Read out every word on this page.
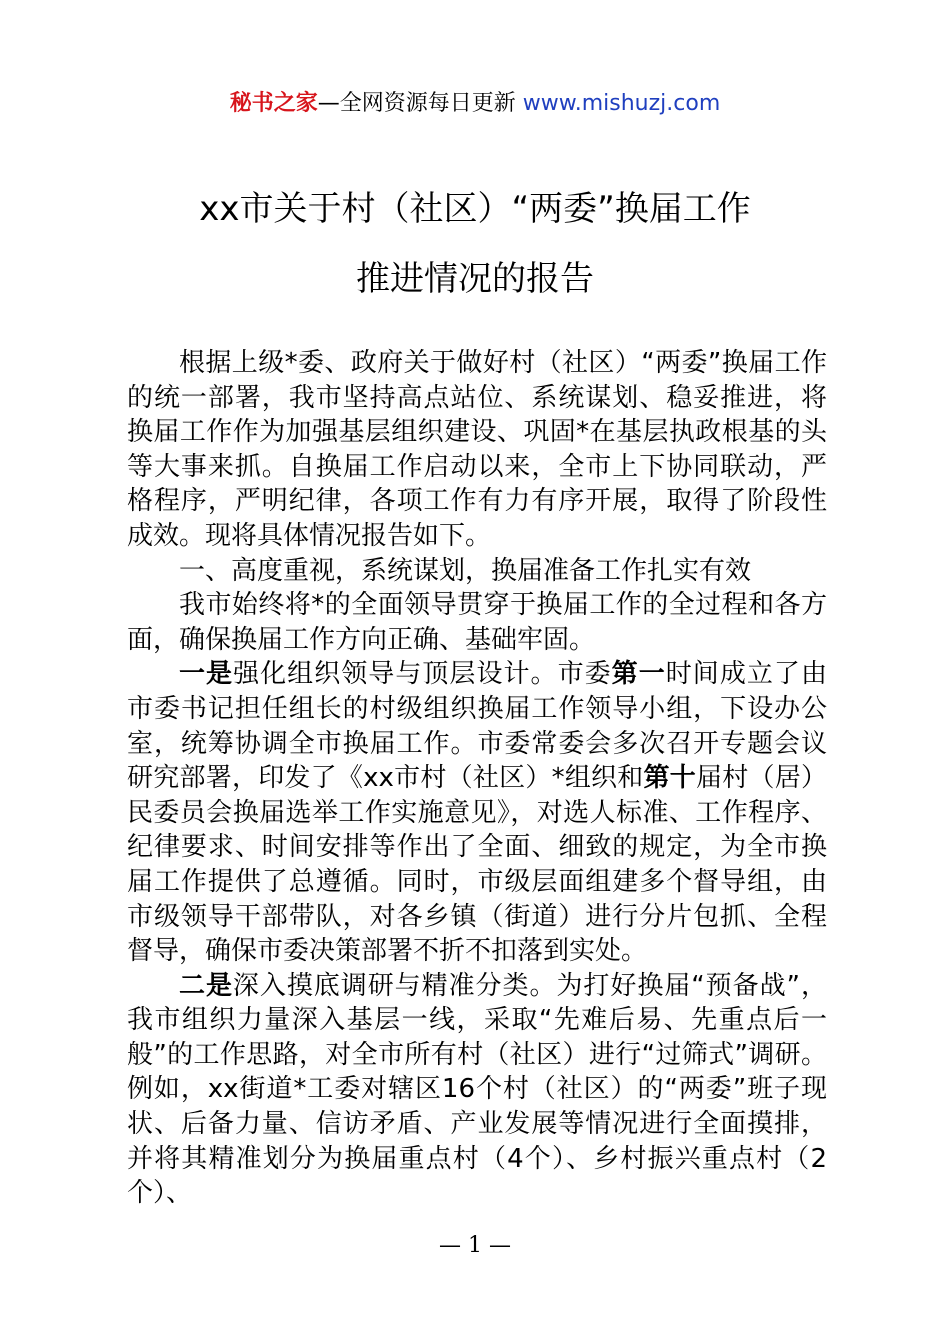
秘书之家—全网资源每日更新 www.mishuzj.com
xx市关于村（社区）“两委”换届工作
推进情况的报告

根据上级*委、政府关于做好村（社区）“两委”换届工作的统一部署，我市坚持高点站位、系统谋划、稳妥推进，将换届工作作为加强基层组织建设、巩固*在基层执政根基的头等大事来抓。自换届工作启动以来，全市上下协同联动，严格程序，严明纪律，各项工作有力有序开展，取得了阶段性成效。现将具体情况报告如下。

一、高度重视，系统谋划，换届准备工作扎实有效

我市始终将*的全面领导贯穿于换届工作的全过程和各方面，确保换届工作方向正确、基础牢固。

一是强化组织领导与顶层设计。市委第一时间成立了由市委书记担任组长的村级组织换届工作领导小组，下设办公室，统筹协调全市换届工作。市委常委会多次召开专题会议研究部署，印发了《xx市村（社区）*组织和第十届村（居）民委员会换届选举工作实施意见》，对选人标准、工作程序、纪律要求、时间安排等作出了全面、细致的规定，为全市换届工作提供了总遵循。同时，市级层面组建多个督导组，由市级领导干部带队，对各乡镇（街道）进行分片包抓、全程督导，确保市委决策部署不折不扣落到实处。

二是深入摸底调研与精准分类。为打好换届“预备战”，我市组织力量深入基层一线，采取“先难后易、先重点后一般”的工作思路，对全市所有村（社区）进行“过筛式”调研。例如，xx街道*工委对辖区16个村（社区）的“两委”班子现状、后备力量、信访矛盾、产业发展等情况进行全面摸排，并将其精准划分为换届重点村（4个）、乡村振兴重点村（2个）、

— 1 —
